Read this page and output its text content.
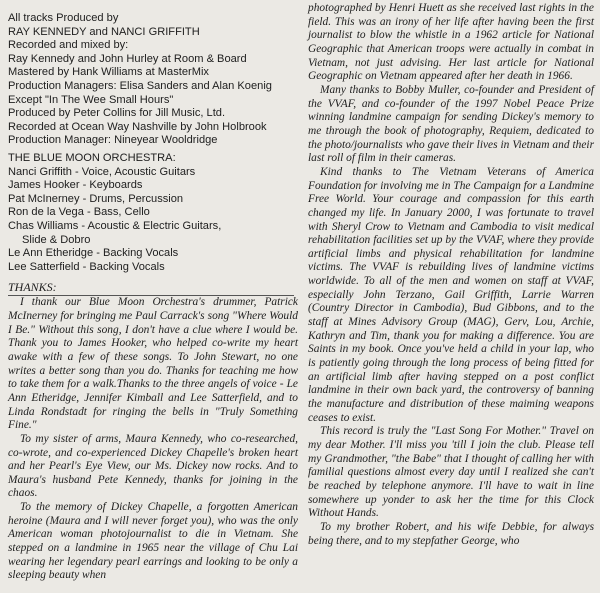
All tracks Produced by
RAY KENNEDY and NANCI GRIFFITH
Recorded and mixed by:
Ray Kennedy and John Hurley at Room & Board
Mastered by Hank Williams at MasterMix
Production Managers: Elisa Sanders and Alan Koenig
Except "In The Wee Small Hours"
Produced by Peter Collins for Jill Music, Ltd.
Recorded at Ocean Way Nashville by John Holbrook
Production Manager: Nineyear Wooldridge
THE BLUE MOON ORCHESTRA:
Nanci Griffith - Voice, Acoustic Guitars
James Hooker - Keyboards
Pat McInerney - Drums, Percussion
Ron de la Vega - Bass, Cello
Chas Williams - Acoustic & Electric Guitars,
Slide & Dobro
Le Ann Etheridge - Backing Vocals
Lee Satterfield - Backing Vocals
THANKS:

I thank our Blue Moon Orchestra's drummer, Patrick McInerney for bringing me Paul Carrack's song "Where Would I Be." Without this song, I don't have a clue where I would be. Thank you to James Hooker, who helped co-write my heart awake with a few of these songs. To John Stewart, no one writes a better song than you do. Thanks for teaching me how to take them for a walk.Thanks to the three angels of voice - Le Ann Etheridge, Jennifer Kimball and Lee Satterfield, and to Linda Rondstadt for ringing the bells in "Truly Something Fine."

To my sister of arms, Maura Kennedy, who co-researched, co-wrote, and co-experienced Dickey Chapelle's broken heart and her Pearl's Eye View, our Ms. Dickey now rocks. And to Maura's husband Pete Kennedy, thanks for joining in the chaos.

To the memory of Dickey Chapelle, a forgotten American heroine (Maura and I will never forget you), who was the only American woman photojournalist to die in Vietnam. She stepped on a landmine in 1965 near the village of Chu Lai wearing her legendary pearl earrings and looking to be only a sleeping beauty when

photographed by Henri Huett as she received last rights in the field. This was an irony of her life after having been the first journalist to blow the whistle in a 1962 article for National Geographic that American troops were actually in combat in Vietnam, not just advising. Her last article for National Geographic on Vietnam appeared after her death in 1966.

Many thanks to Bobby Muller, co-founder and President of the VVAF, and co-founder of the 1997 Nobel Peace Prize winning landmine campaign for sending Dickey's memory to me through the book of photography, Requiem, dedicated to the photo/journalists who gave their lives in Vietnam and their last roll of film in their cameras.

Kind thanks to The Vietnam Veterans of America Foundation for involving me in The Campaign for a Landmine Free World. Your courage and compassion for this earth changed my life. In January 2000, I was fortunate to travel with Sheryl Crow to Vietnam and Cambodia to visit medical rehabilitation facilities set up by the VVAF, where they provide artificial limbs and physical rehabilitation for landmine victims. The VVAF is rebuilding lives of landmine victims worldwide. To all of the men and women on staff at VVAF, especially John Terzano, Gail Griffith, Larrie Warren (Country Director in Cambodia), Bud Gibbons, and to the staff at Mines Advisory Group (MAG), Gerv, Lou, Archie, Kathryn and Tim, thank you for making a difference. You are Saints in my book. Once you've held a child in your lap, who is patiently going through the long process of being fitted for an artificial limb after having stepped on a post conflict landmine in their own back yard, the controversy of banning the manufacture and distribution of these maiming weapons ceases to exist.

This record is truly the "Last Song For Mother." Travel on my dear Mother. I'll miss you 'till I join the club. Please tell my Grandmother, "the Babe" that I thought of calling her with familial questions almost every day until I realized she can't be reached by telephone anymore. I'll have to wait in line somewhere up yonder to ask her the time for this Clock Without Hands.

To my brother Robert, and his wife Debbie, for always being there, and to my stepfather George, who
